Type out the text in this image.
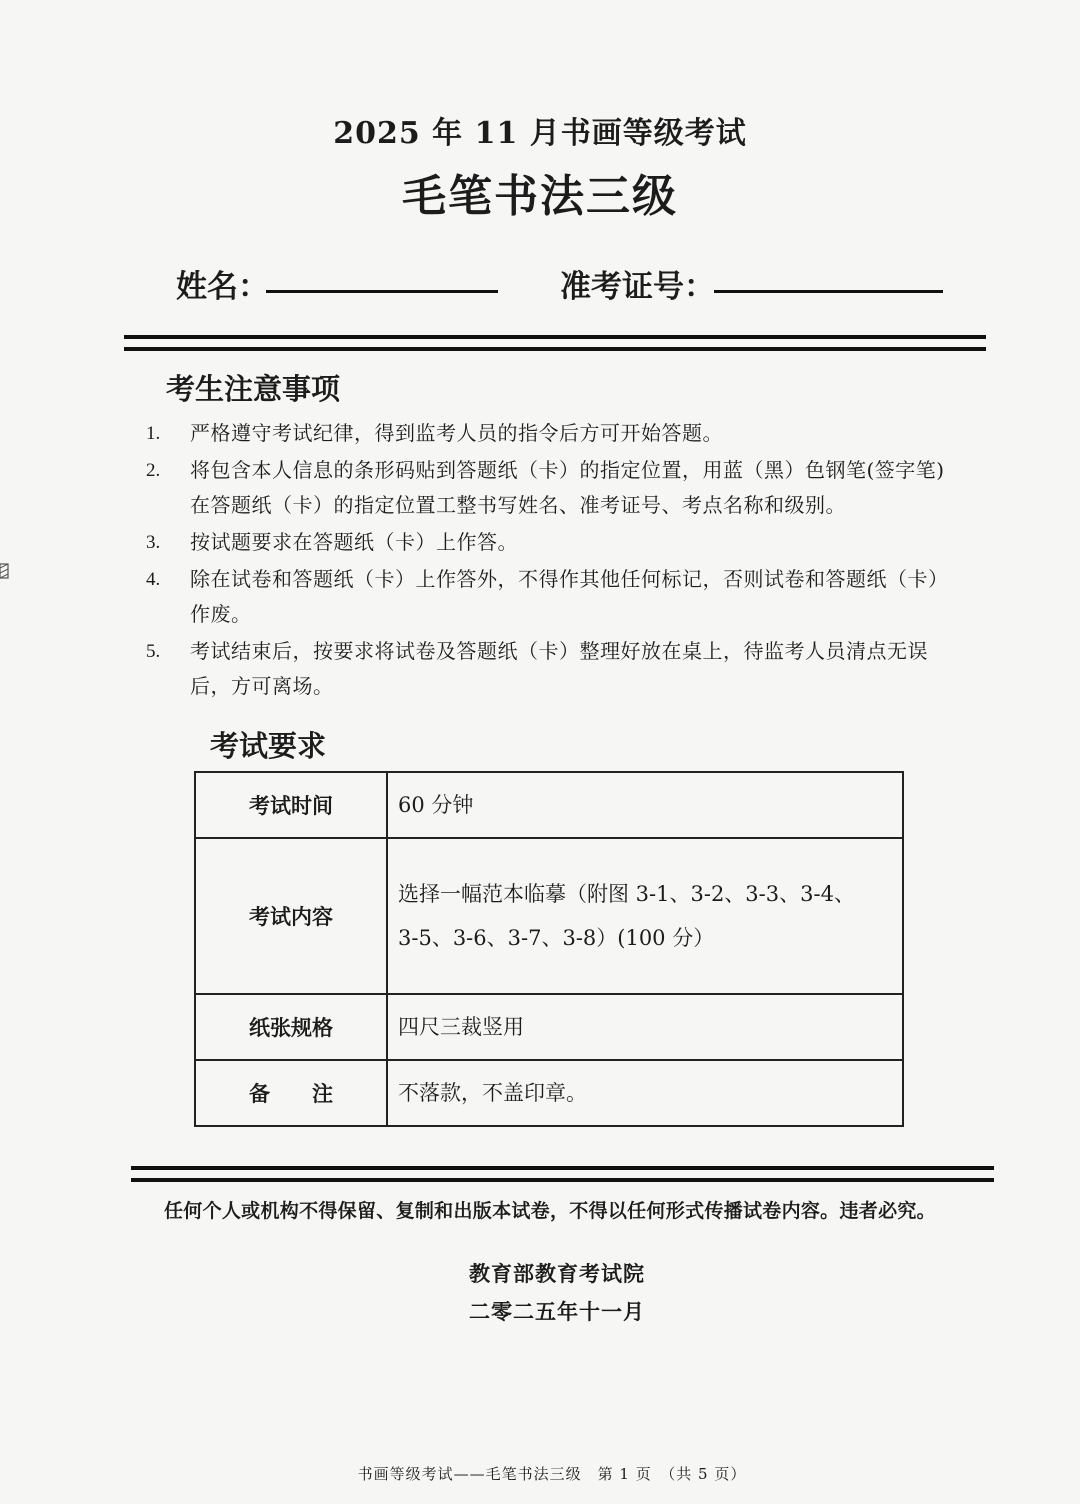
2025 年 11 月书画等级考试
毛笔书法三级
姓名：	准考证号：
考生注意事项
1.	严格遵守考试纪律，得到监考人员的指令后方可开始答题。
2.	将包含本人信息的条形码贴到答题纸（卡）的指定位置，用蓝（黑）色钢笔(签字笔)在答题纸（卡）的指定位置工整书写姓名、准考证号、考点名称和级别。
3.	按试题要求在答题纸（卡）上作答。
4.	除在试卷和答题纸（卡）上作答外，不得作其他任何标记，否则试卷和答题纸（卡）作废。
5.	考试结束后，按要求将试卷及答题纸（卡）整理好放在桌上，待监考人员清点无误后，方可离场。
考试要求
考试时间	60 分钟
考试内容	选择一幅范本临摹（附图 3-1、3-2、3-3、3-4、3-5、3-6、3-7、3-8）(100 分）
纸张规格	四尺三裁竖用
备　　注	不落款，不盖印章。
任何个人或机构不得保留、复制和出版本试卷，不得以任何形式传播试卷内容。违者必究。
教育部教育考试院
二零二五年十一月
书画等级考试——毛笔书法三级　第 1 页　（共 5 页）
